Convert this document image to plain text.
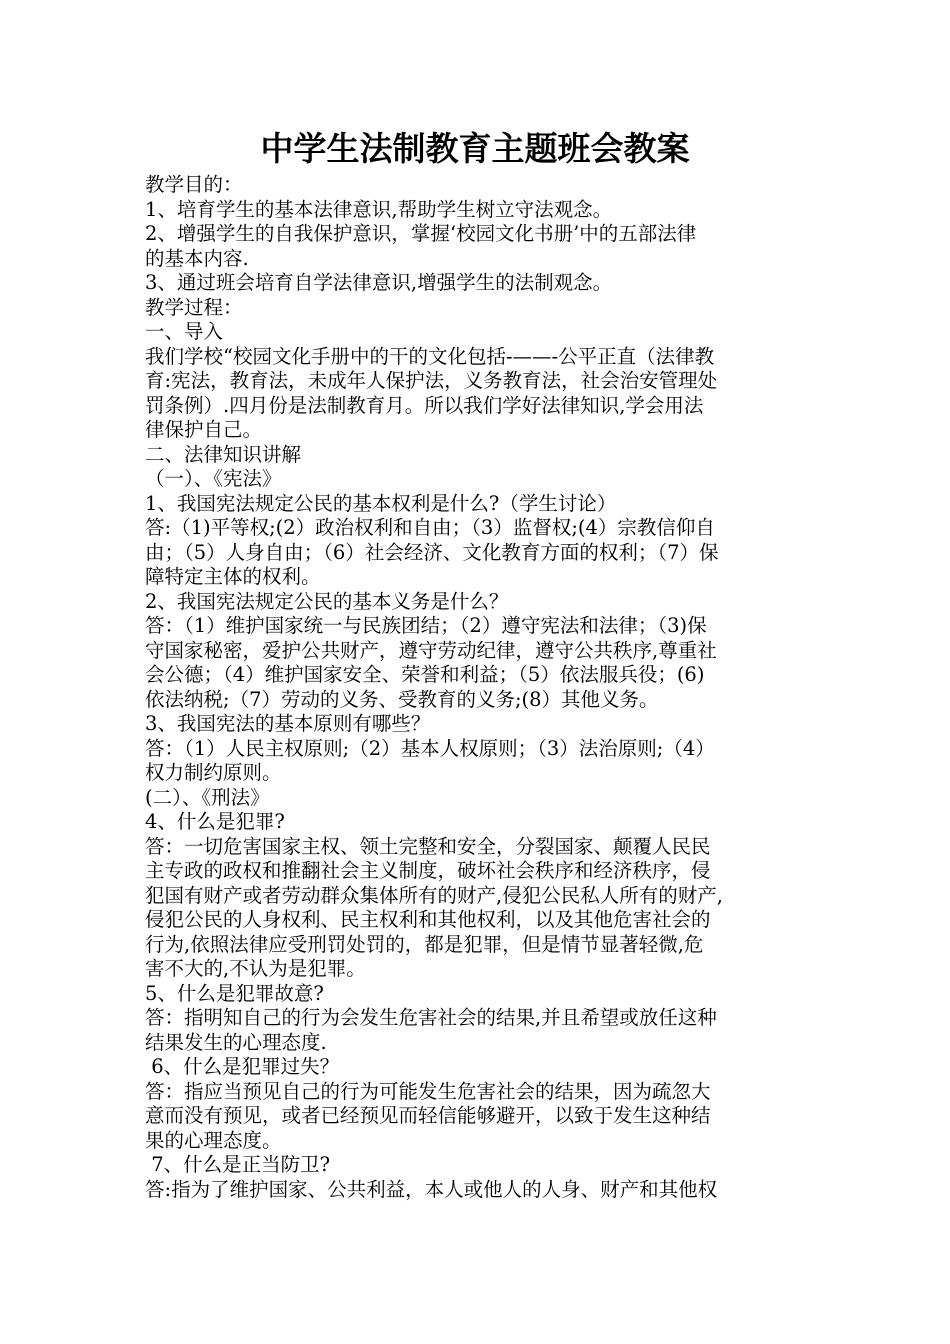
中学生法制教育主题班会教案
教学目的：
1、培育学生的基本法律意识,帮助学生树立守法观念。
2、增强学生的自我保护意识，掌握‘校园文化书册’中的五部法律
的基本内容.
3、通过班会培育自学法律意识,增强学生的法制观念。
教学过程：
一、导入
我们学校“校园文化手册中的干的文化包括-——-公平正直（法律教
育:宪法，教育法，未成年人保护法，义务教育法，社会治安管理处
罚条例）.四月份是法制教育月。所以我们学好法律知识,学会用法
律保护自己。
二、法律知识讲解
（一）、《宪法》
1、我国宪法规定公民的基本权利是什么?（学生讨论）
答:（1)平等权;(2）政治权利和自由；（3）监督权;(4）宗教信仰自
由；（5）人身自由；（6）社会经济、文化教育方面的权利；（7）保
障特定主体的权利。
2、我国宪法规定公民的基本义务是什么？
答：（1）维护国家统一与民族团结；（2）遵守宪法和法律；（3)保
守国家秘密，爱护公共财产，遵守劳动纪律，遵守公共秩序,尊重社
会公德；（4）维护国家安全、荣誉和利益；（5）依法服兵役；(6)
依法纳税;（7）劳动的义务、受教育的义务;(8）其他义务。
3、我国宪法的基本原则有哪些？
答：（1）人民主权原则;（2）基本人权原则；（3）法治原则;（4）
权力制约原则。
(二）、《刑法》
4、什么是犯罪?
答：一切危害国家主权、领土完整和安全，分裂国家、颠覆人民民
主专政的政权和推翻社会主义制度，破坏社会秩序和经济秩序，侵
犯国有财产或者劳动群众集体所有的财产,侵犯公民私人所有的财产,
侵犯公民的人身权利、民主权利和其他权利，以及其他危害社会的
行为,依照法律应受刑罚处罚的，都是犯罪，但是情节显著轻微,危
害不大的,不认为是犯罪。
5、什么是犯罪故意?
答：指明知自己的行为会发生危害社会的结果,并且希望或放任这种
结果发生的心理态度.
6、什么是犯罪过失？
答：指应当预见自己的行为可能发生危害社会的结果，因为疏忽大
意而没有预见，或者已经预见而轻信能够避开，以致于发生这种结
果的心理态度。
7、什么是正当防卫?
答:指为了维护国家、公共利益，本人或他人的人身、财产和其他权
